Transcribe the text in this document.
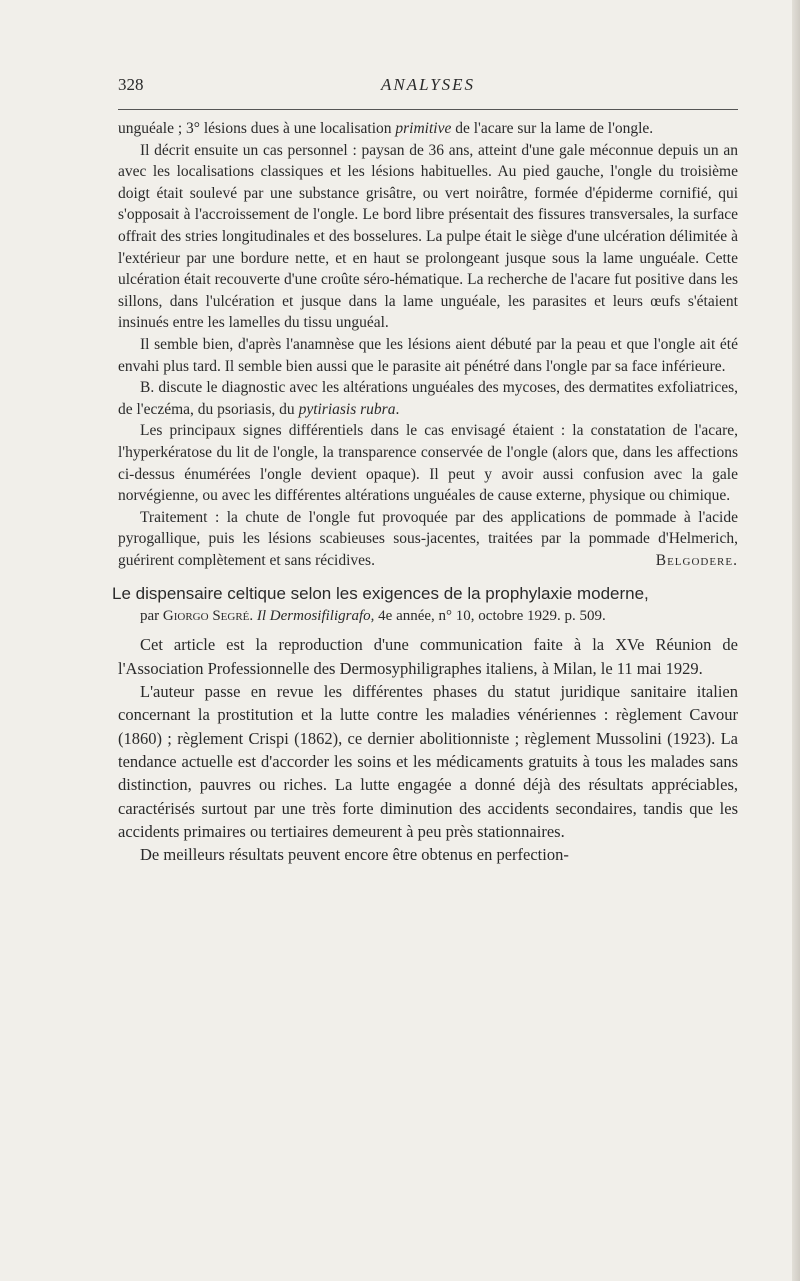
328	ANALYSES

unguéale ; 3° lésions dues à une localisation primitive de l'acare sur la lame de l'ongle.

Il décrit ensuite un cas personnel : paysan de 36 ans, atteint d'une gale méconnue depuis un an avec les localisations classiques et les lésions habituelles. Au pied gauche, l'ongle du troisième doigt était soulevé par une substance grisâtre, ou vert noirâtre, formée d'épiderme cornifié, qui s'opposait à l'accroissement de l'ongle. Le bord libre présentait des fissures transversales, la surface offrait des stries longitudinales et des bosselures. La pulpe était le siège d'une ulcération délimitée à l'extérieur par une bordure nette, et en haut se prolongeant jusque sous la lame unguéale. Cette ulcération était recouverte d'une croûte séro-hématique. La recherche de l'acare fut positive dans les sillons, dans l'ulcération et jusque dans la lame unguéale, les parasites et leurs œufs s'étaient insinués entre les lamelles du tissu unguéal.

Il semble bien, d'après l'anamnèse que les lésions aient débuté par la peau et que l'ongle ait été envahi plus tard. Il semble bien aussi que le parasite ait pénétré dans l'ongle par sa face inférieure.

B. discute le diagnostic avec les altérations unguéales des mycoses, des dermatites exfoliatrices, de l'eczéma, du psoriasis, du pytiriasis rubra.

Les principaux signes différentiels dans le cas envisagé étaient : la constatation de l'acare, l'hyperkératose du lit de l'ongle, la transparence conservée de l'ongle (alors que, dans les affections ci-dessus énumérées l'ongle devient opaque). Il peut y avoir aussi confusion avec la gale norvégienne, ou avec les différentes altérations unguéales de cause externe, physique ou chimique.

Traitement : la chute de l'ongle fut provoquée par des applications de pommade à l'acide pyrogallique, puis les lésions scabieuses sous-jacentes, traitées par la pommade d'Helmerich, guérirent complètement et sans récidives.	Belgodere.

Le dispensaire celtique selon les exigences de la prophylaxie moderne,
par Giorgo Segré. Il Dermosifiligrafo, 4e année, n° 10, octobre 1929. p. 509.

Cet article est la reproduction d'une communication faite à la XVe Réunion de l'Association Professionnelle des Dermosyphiligraphes italiens, à Milan, le 11 mai 1929.

L'auteur passe en revue les différentes phases du statut juridique sanitaire italien concernant la prostitution et la lutte contre les maladies vénériennes : règlement Cavour (1860) ; règlement Crispi (1862), ce dernier abolitionniste ; règlement Mussolini (1923). La tendance actuelle est d'accorder les soins et les médicaments gratuits à tous les malades sans distinction, pauvres ou riches. La lutte engagée a donné déjà des résultats appréciables, caractérisés surtout par une très forte diminution des accidents secondaires, tandis que les accidents primaires ou tertiaires demeurent à peu près stationnaires.

De meilleurs résultats peuvent encore être obtenus en perfection-
